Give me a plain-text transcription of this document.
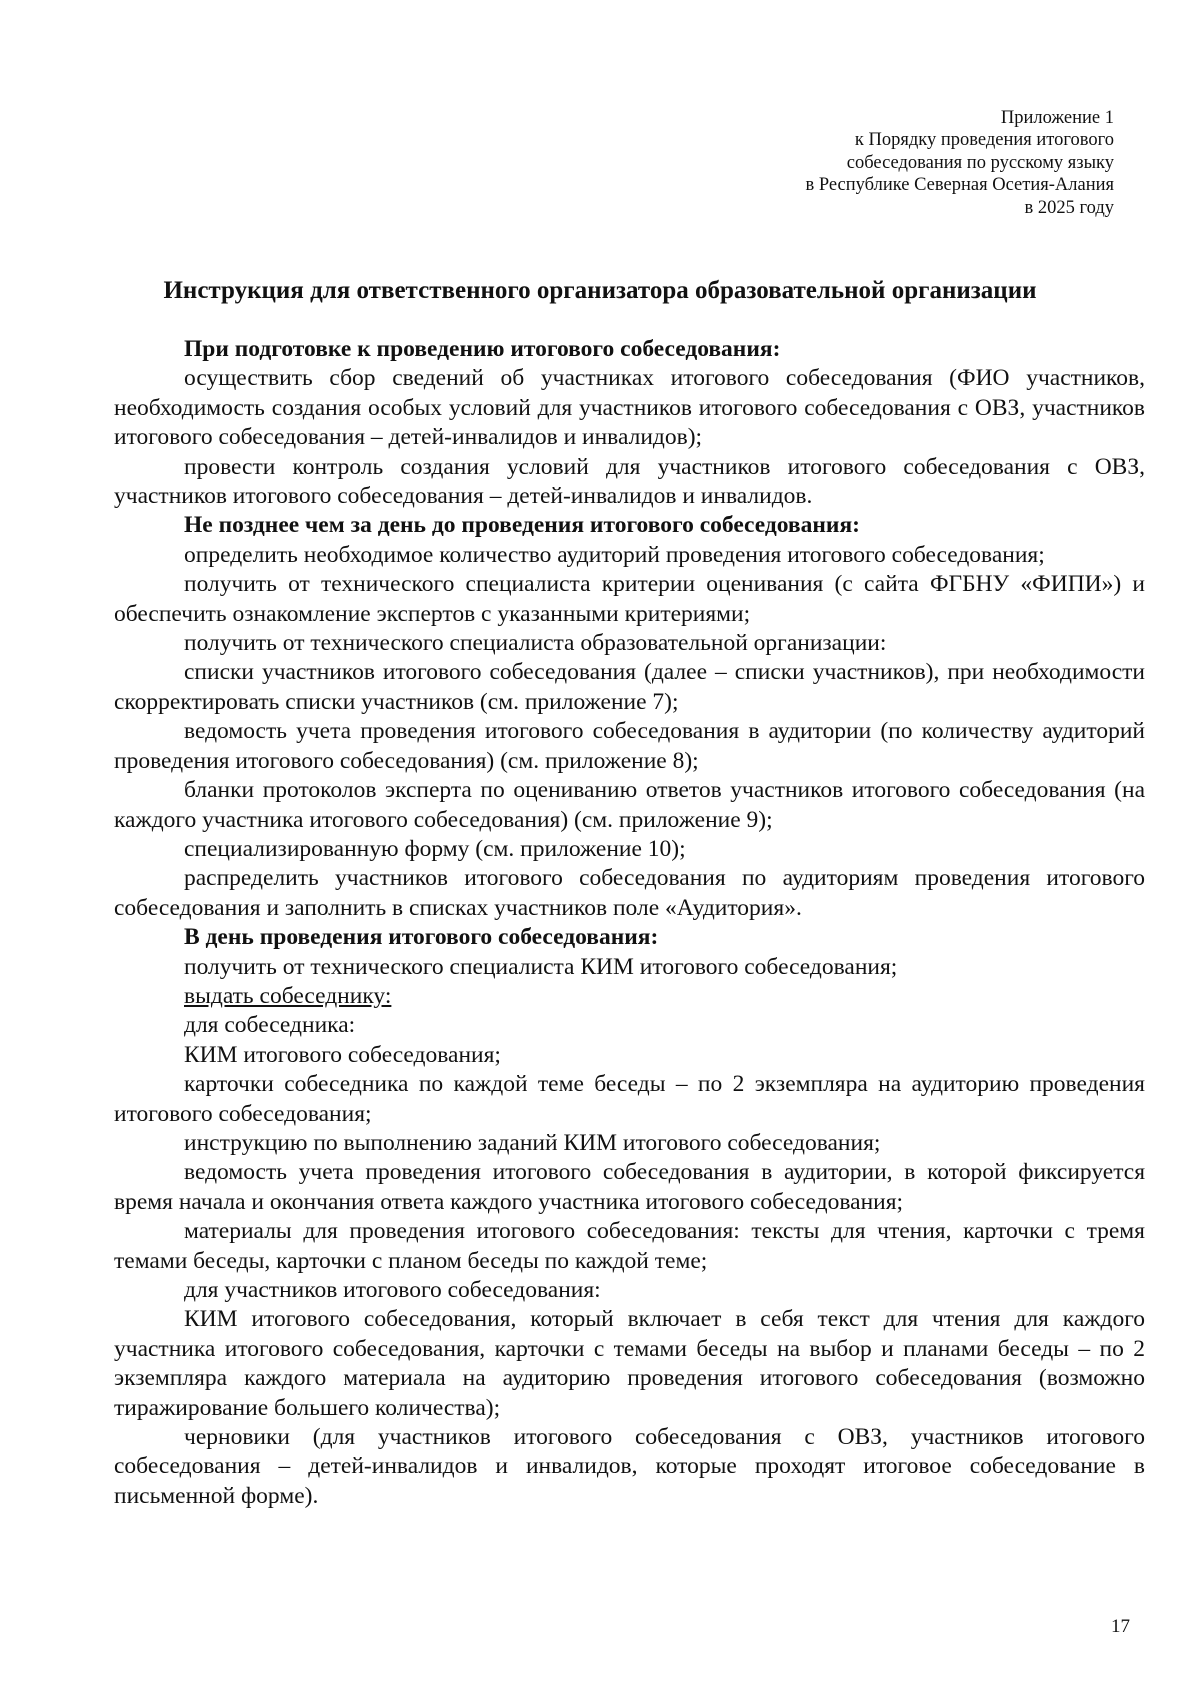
Приложение 1
к Порядку проведения итогового
собеседования по русскому языку
в Республике Северная Осетия-Алания
в 2025 году
Инструкция для ответственного организатора образовательной организации

При подготовке к проведению итогового собеседования:

осуществить сбор сведений об участниках итогового собеседования (ФИО участников, необходимость создания особых условий для участников итогового собеседования с ОВЗ, участников итогового собеседования – детей-инвалидов и инвалидов);

провести контроль создания условий для участников итогового собеседования с ОВЗ, участников итогового собеседования – детей-инвалидов и инвалидов.

Не позднее чем за день до проведения итогового собеседования:

определить необходимое количество аудиторий проведения итогового собеседования;

получить от технического специалиста критерии оценивания (с сайта ФГБНУ «ФИПИ») и обеспечить ознакомление экспертов с указанными критериями;

получить от технического специалиста образовательной организации:

списки участников итогового собеседования (далее – списки участников), при необходимости скорректировать списки участников (см. приложение 7);

ведомость учета проведения итогового собеседования в аудитории (по количеству аудиторий проведения итогового собеседования) (см. приложение 8);

бланки протоколов эксперта по оцениванию ответов участников итогового собеседования (на каждого участника итогового собеседования) (см. приложение 9);

специализированную форму (см. приложение 10);

распределить участников итогового собеседования по аудиториям проведения итогового собеседования и заполнить в списках участников поле «Аудитория».

В день проведения итогового собеседования:

получить от технического специалиста КИМ итогового собеседования;

выдать собеседнику:

для собеседника:

КИМ итогового собеседования;

карточки собеседника по каждой теме беседы – по 2 экземпляра на аудиторию проведения итогового собеседования;

инструкцию по выполнению заданий КИМ итогового собеседования;

ведомость учета проведения итогового собеседования в аудитории, в которой фиксируется время начала и окончания ответа каждого участника итогового собеседования;

материалы для проведения итогового собеседования: тексты для чтения, карточки с тремя темами беседы, карточки с планом беседы по каждой теме;

для участников итогового собеседования:

КИМ итогового собеседования, который включает в себя текст для чтения для каждого участника итогового собеседования, карточки с темами беседы на выбор и планами беседы – по 2 экземпляра каждого материала на аудиторию проведения итогового собеседования (возможно тиражирование большего количества);

черновики (для участников итогового собеседования с ОВЗ, участников итогового собеседования – детей-инвалидов и инвалидов, которые проходят итоговое собеседование в письменной форме).

17
